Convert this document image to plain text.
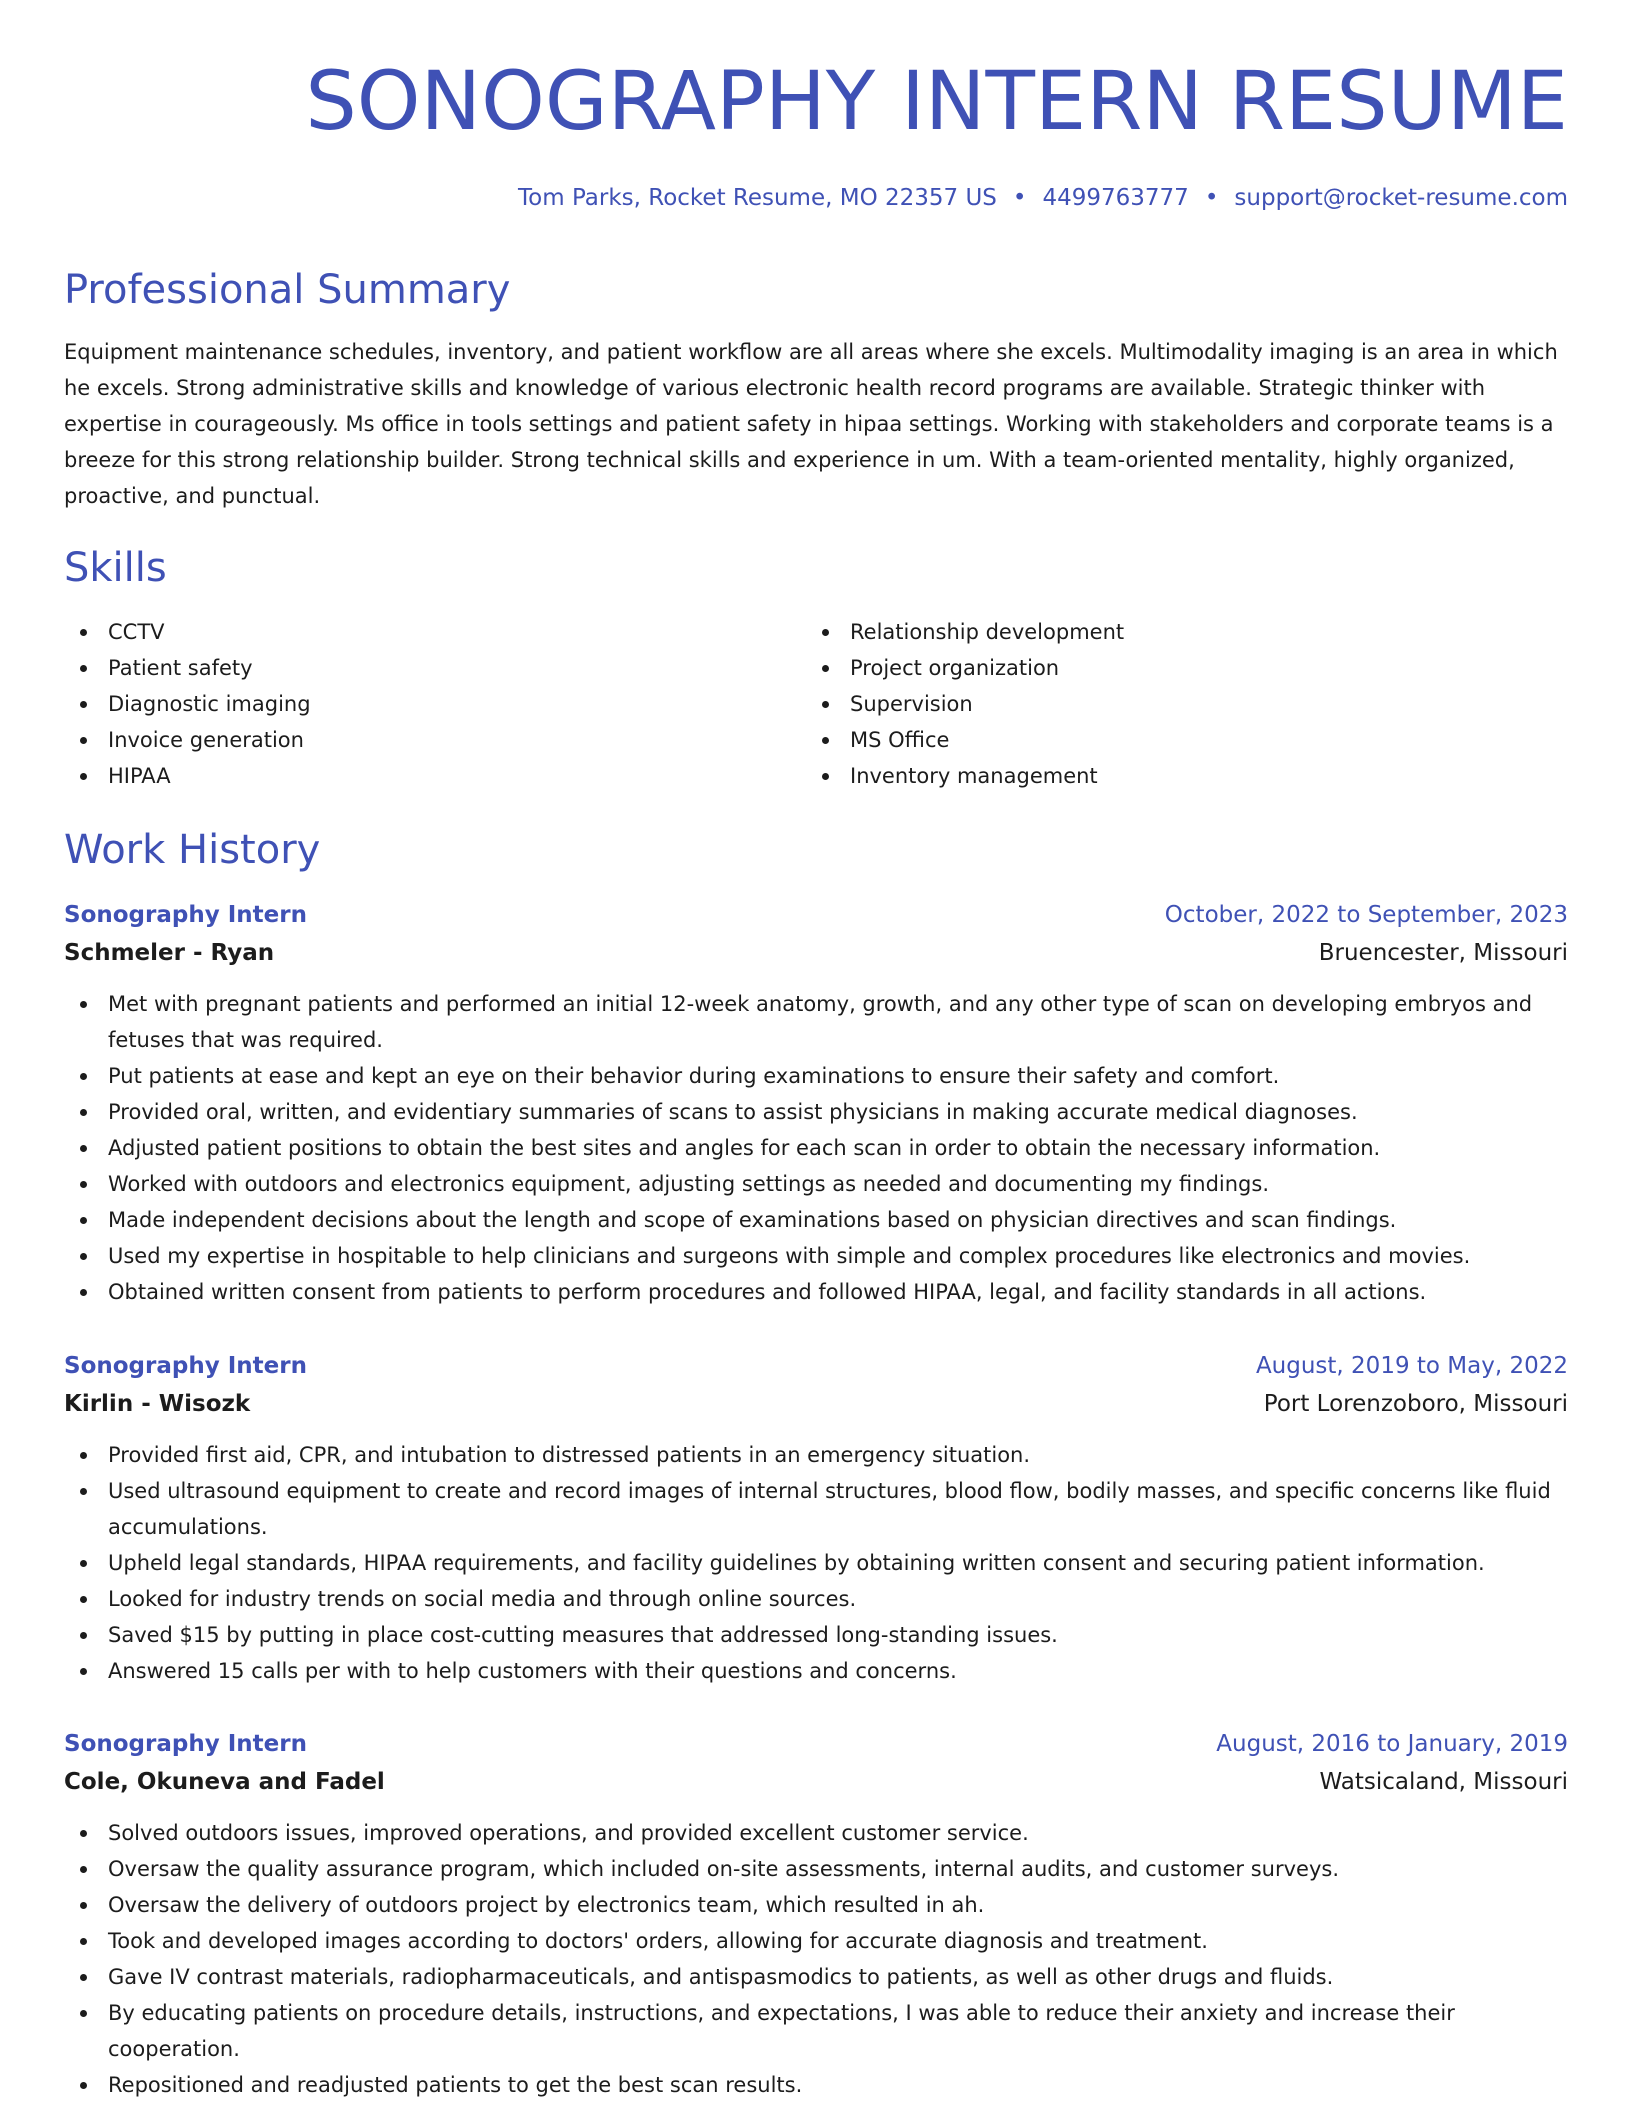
SONOGRAPHY INTERN RESUME
Tom Parks, Rocket Resume, MO 22357 US • 4499763777 • support@rocket-resume.com
Professional Summary

Equipment maintenance schedules, inventory, and patient workflow are all areas where she excels. Multimodality imaging is an area in which he excels. Strong administrative skills and knowledge of various electronic health record programs are available. Strategic thinker with expertise in courageously. Ms office in tools settings and patient safety in hipaa settings. Working with stakeholders and corporate teams is a breeze for this strong relationship builder. Strong technical skills and experience in um. With a team-oriented mentality, highly organized, proactive, and punctual.

Skills
CCTV
Patient safety
Diagnostic imaging
Invoice generation
HIPAA
Relationship development
Project organization
Supervision
MS Office
Inventory management
Work History
Sonography Intern	October, 2022 to September, 2023
Schmeler - Ryan	Bruencester, Missouri
Met with pregnant patients and performed an initial 12-week anatomy, growth, and any other type of scan on developing embryos and fetuses that was required.
Put patients at ease and kept an eye on their behavior during examinations to ensure their safety and comfort.
Provided oral, written, and evidentiary summaries of scans to assist physicians in making accurate medical diagnoses.
Adjusted patient positions to obtain the best sites and angles for each scan in order to obtain the necessary information.
Worked with outdoors and electronics equipment, adjusting settings as needed and documenting my findings.
Made independent decisions about the length and scope of examinations based on physician directives and scan findings.
Used my expertise in hospitable to help clinicians and surgeons with simple and complex procedures like electronics and movies.
Obtained written consent from patients to perform procedures and followed HIPAA, legal, and facility standards in all actions.
Sonography Intern	August, 2019 to May, 2022
Kirlin - Wisozk	Port Lorenzoboro, Missouri
Provided first aid, CPR, and intubation to distressed patients in an emergency situation.
Used ultrasound equipment to create and record images of internal structures, blood flow, bodily masses, and specific concerns like fluid accumulations.
Upheld legal standards, HIPAA requirements, and facility guidelines by obtaining written consent and securing patient information.
Looked for industry trends on social media and through online sources.
Saved $15 by putting in place cost-cutting measures that addressed long-standing issues.
Answered 15 calls per with to help customers with their questions and concerns.
Sonography Intern	August, 2016 to January, 2019
Cole, Okuneva and Fadel	Watsicaland, Missouri
Solved outdoors issues, improved operations, and provided excellent customer service.
Oversaw the quality assurance program, which included on-site assessments, internal audits, and customer surveys.
Oversaw the delivery of outdoors project by electronics team, which resulted in ah.
Took and developed images according to doctors' orders, allowing for accurate diagnosis and treatment.
Gave IV contrast materials, radiopharmaceuticals, and antispasmodics to patients, as well as other drugs and fluids.
By educating patients on procedure details, instructions, and expectations, I was able to reduce their anxiety and increase their cooperation.
Repositioned and readjusted patients to get the best scan results.
